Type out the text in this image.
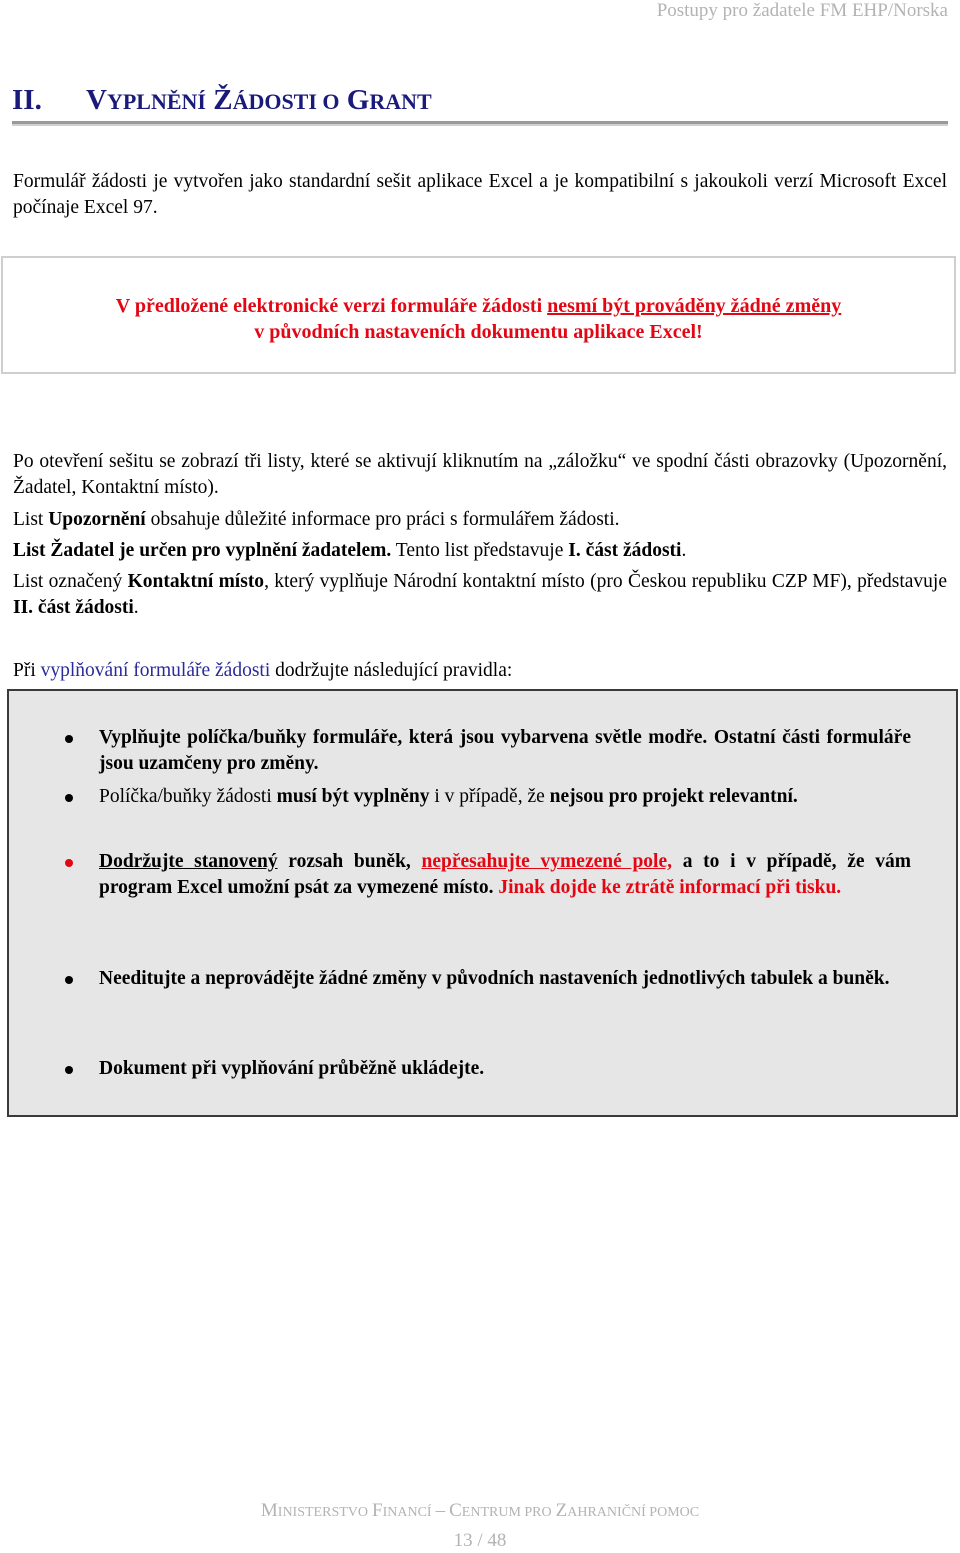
Postupy pro žadatele FM EHP/Norska
II. VYPLNĚNÍ ŽÁDOSTI O GRANT
Formulář žádosti je vytvořen jako standardní sešit aplikace Excel a je kompatibilní s jakoukoli verzí Microsoft Excel počínaje Excel 97.
V předložené elektronické verzi formuláře žádosti nesmí být prováděny žádné změny
v původních nastaveních dokumentu aplikace Excel!
Po otevření sešitu se zobrazí tři listy, které se aktivují kliknutím na „záložku“ ve spodní části obrazovky (Upozornění, Žadatel, Kontaktní místo).
List Upozornění obsahuje důležité informace pro práci s formulářem žádosti.
List Žadatel je určen pro vyplnění žadatelem. Tento list představuje I. část žádosti.
List označený Kontaktní místo, který vyplňuje Národní kontaktní místo (pro Českou republiku CZP MF), představuje II. část žádosti.
Při vyplňování formuláře žádosti dodržujte následující pravidla:
Vyplňujte políčka/buňky formuláře, která jsou vybarvena světle modře. Ostatní části formuláře jsou uzamčeny pro změny.
Políčka/buňky žádosti musí být vyplněny i v případě, že nejsou pro projekt relevantní.
Dodržujte stanovený rozsah buněk, nepřesahujte vymezené pole, a to i v případě, že vám program Excel umožní psát za vymezené místo. Jinak dojde ke ztrátě informací při tisku.
Needitujte a neprovádějte žádné změny v původních nastaveních jednotlivých tabulek a buněk.
Dokument při vyplňování průběžně ukládejte.
MINISTERSTVO FINANCÍ – CENTRUM PRO ZAHRANIČNÍ POMOC
13 / 48
